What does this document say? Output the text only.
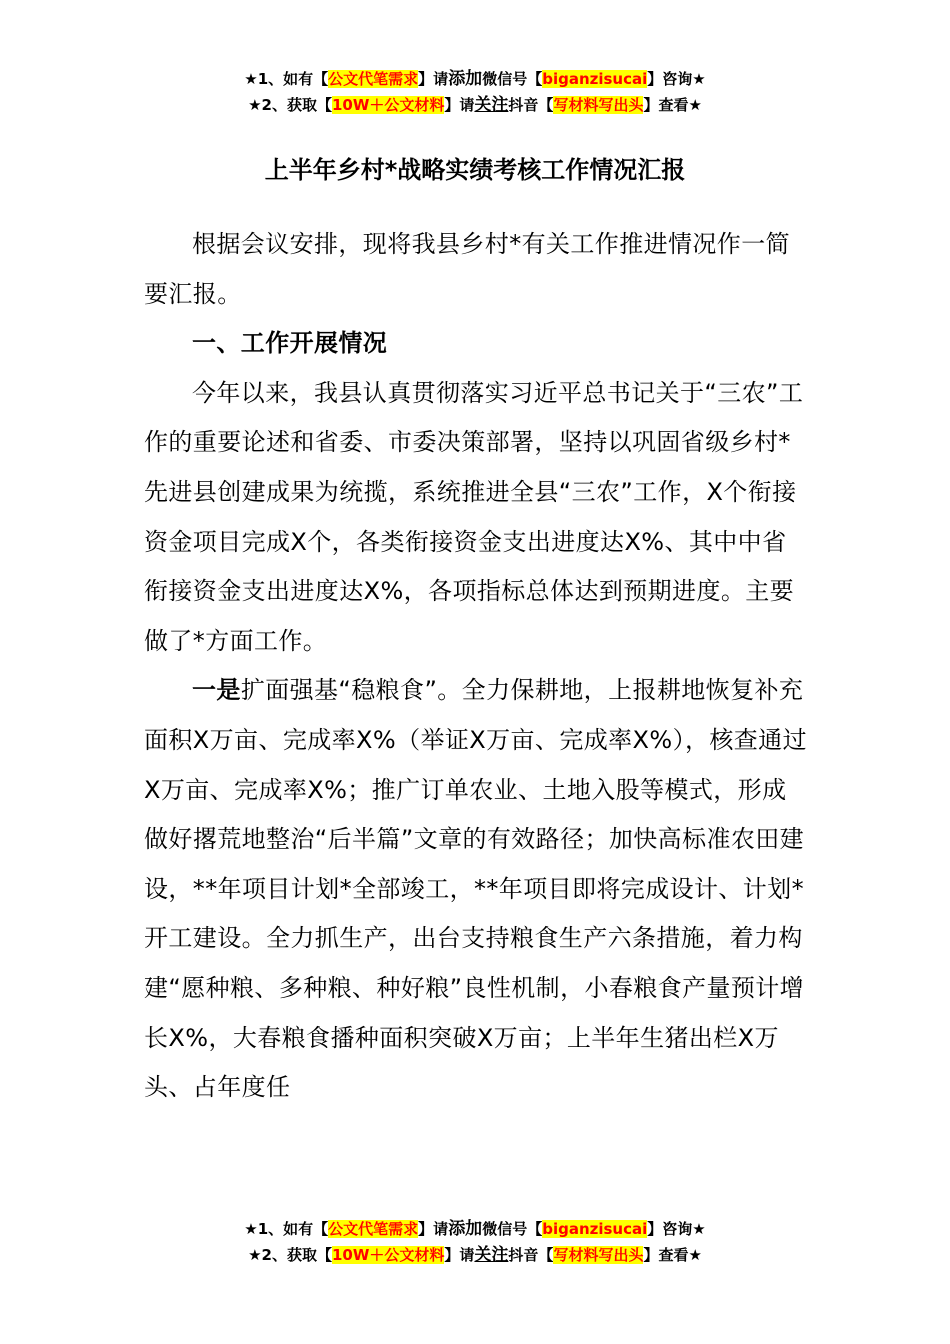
★1、如有【公文代笔需求】请添加微信号【biganzisucai】咨询★
★2、获取【10W＋公文材料】请关注抖音【写材料写出头】查看★
上半年乡村*战略实绩考核工作情况汇报

根据会议安排，现将我县乡村*有关工作推进情况作一简要汇报。

一、工作开展情况

今年以来，我县认真贯彻落实习近平总书记关于“三农”工作的重要论述和省委、市委决策部署，坚持以巩固省级乡村*先进县创建成果为统揽，系统推进全县“三农”工作，X个衔接资金项目完成X个，各类衔接资金支出进度达X%、其中中省衔接资金支出进度达X%，各项指标总体达到预期进度。主要做了*方面工作。

一是扩面强基“稳粮食”。全力保耕地，上报耕地恢复补充面积X万亩、完成率X%（举证X万亩、完成率X%），核查通过X万亩、完成率X%；推广订单农业、土地入股等模式，形成做好撂荒地整治“后半篇”文章的有效路径；加快高标准农田建设，**年项目计划*全部竣工，**年项目即将完成设计、计划*开工建设。全力抓生产，出台支持粮食生产六条措施，着力构建“愿种粮、多种粮、种好粮”良性机制，小春粮食产量预计增长X%，大春粮食播种面积突破X万亩；上半年生猪出栏X万头、占年度任

★1、如有【公文代笔需求】请添加微信号【biganzisucai】咨询★
★2、获取【10W＋公文材料】请关注抖音【写材料写出头】查看★
